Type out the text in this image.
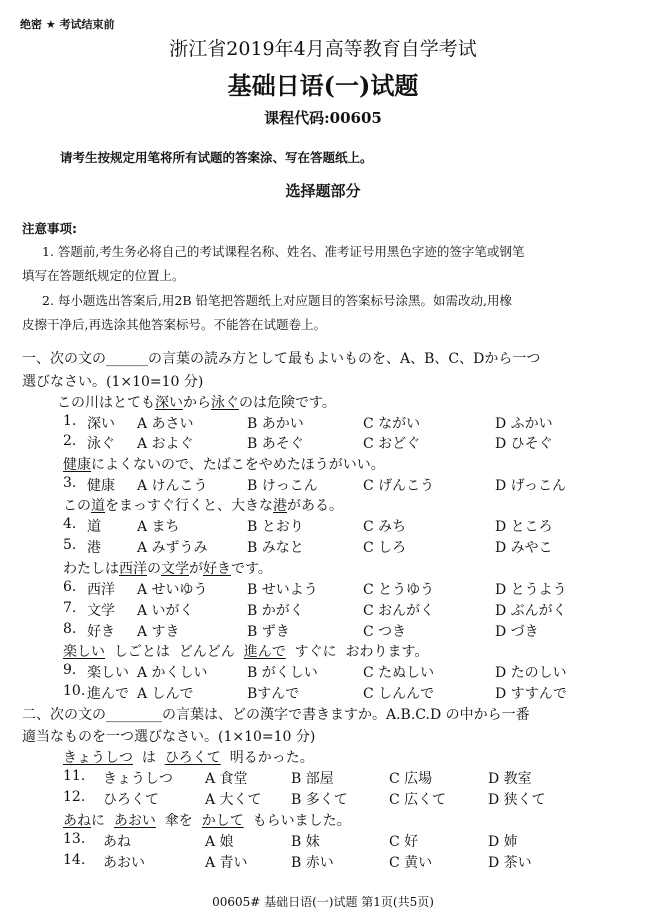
绝密 ★ 考试结束前
浙江省2019年4月高等教育自学考试
基础日语(一)试题
课程代码:00605
请考生按规定用笔将所有试题的答案涂、写在答题纸上。
选择题部分
注意事项:
1. 答题前,考生务必将自己的考试课程名称、姓名、准考证号用黑色字迹的签字笔或钢笔
填写在答题纸规定的位置上。
2. 每小题选出答案后,用2B 铅笔把答题纸上对应题目的答案标号涂黑。如需改动,用橡
皮擦干净后,再选涂其他答案标号。不能答在试题卷上。
一、次の文の______の言葉の読み方として最もよいものを、A、B、C、Dから一つ
選びなさい。(1×10=10 分)
この川はとても深いから泳ぐのは危険です。
1. 深い A あさい	B あかい	C ながい	D ふかい
2. 泳ぐ A およぐ	B あそぐ	C おどぐ	D ひそぐ
健康によくないので、たばこをやめたほうがいい。
3. 健康 A けんこう	B けっこん	C げんこう	D げっこん
この道をまっすぐ行くと、大きな港がある。
4. 道	A まち	B とおり	C みち	D ところ
5. 港	A みずうみ	B みなと	C しろ	D みやこ
わたしは西洋の文学が好きです。
6. 西洋 A せいゆう	B せいよう	C とうゆう	D とうよう
7. 文学 A いがく	B かがく	C おんがく	D ぶんがく
8. 好き A すき	B ずき	C つき	D づき
楽しい  しごとは  どんどん  進んで  すぐに  おわります。
9. 楽しい A かくしい	B がくしい	C たぬしい	D たのしい
10. 進んで A しんで	Bすんで	C しんんで	D すすんで
二、次の文の________の言葉は、どの漢字で書きますか。A.B.C.D の中から一番
適当なものを一つ選びなさい。(1×10=10 分)
きょうしつ  は  ひろくて  明るかった。
11. きょうしつ A 食堂	B 部屋	C 広場	D 教室
12. ひろくて	A 大くて B 多くて	C 広くて	D 狭くて
あねに  あおい  傘を  かして  もらいました。
13. あね	A 娘	B 妹	C 好	D 姉
14. あおい	A 青い	B 赤い	C 黄い	D 茶い
00605# 基础日语(一)试题 第1页(共5页)
